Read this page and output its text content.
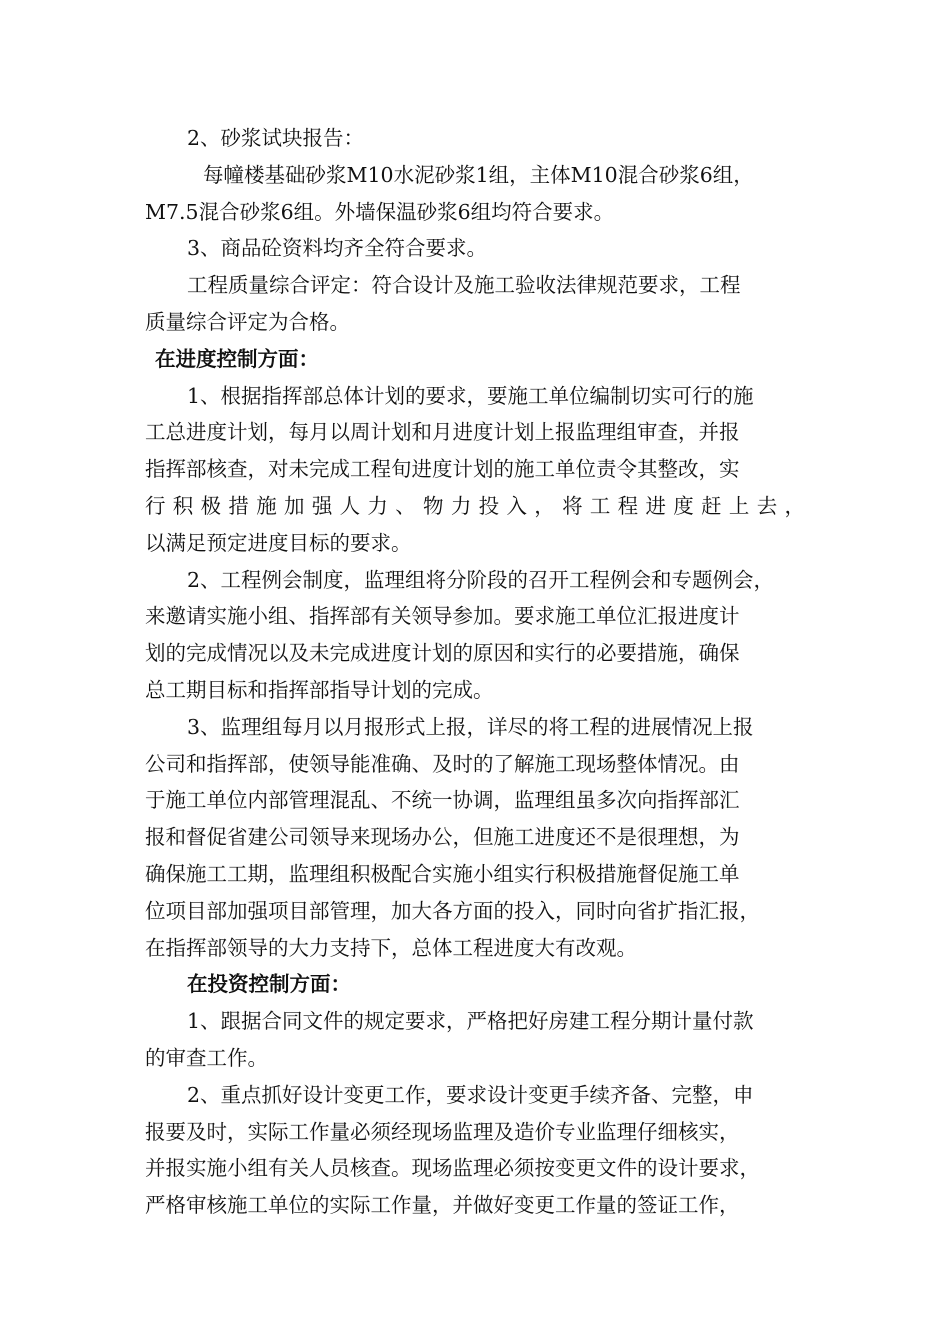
2、砂浆试块报告：
每幢楼基础砂浆M10水泥砂浆1组，主体M10混合砂浆6组，
M7.5混合砂浆6组。外墙保温砂浆6组均符合要求。
3、商品砼资料均齐全符合要求。
工程质量综合评定：符合设计及施工验收法律规范要求，工程
质量综合评定为合格。
在进度控制方面：
1、根据指挥部总体计划的要求，要施工单位编制切实可行的施
工总进度计划，每月以周计划和月进度计划上报监理组审查，并报
指挥部核查，对未完成工程旬进度计划的施工单位责令其整改，实
行积极措施加强人力、物力投入，将工程进度赶上去，
以满足预定进度目标的要求。
2、工程例会制度，监理组将分阶段的召开工程例会和专题例会，
来邀请实施小组、指挥部有关领导参加。要求施工单位汇报进度计
划的完成情况以及未完成进度计划的原因和实行的必要措施，确保
总工期目标和指挥部指导计划的完成。
3、监理组每月以月报形式上报，详尽的将工程的进展情况上报
公司和指挥部，使领导能准确、及时的了解施工现场整体情况。由
于施工单位内部管理混乱、不统一协调，监理组虽多次向指挥部汇
报和督促省建公司领导来现场办公，但施工进度还不是很理想，为
确保施工工期，监理组积极配合实施小组实行积极措施督促施工单
位项目部加强项目部管理，加大各方面的投入，同时向省扩指汇报，
在指挥部领导的大力支持下，总体工程进度大有改观。
在投资控制方面：
1、跟据合同文件的规定要求，严格把好房建工程分期计量付款
的审查工作。
2、重点抓好设计变更工作，要求设计变更手续齐备、完整，申
报要及时，实际工作量必须经现场监理及造价专业监理仔细核实，
并报实施小组有关人员核查。现场监理必须按变更文件的设计要求，
严格审核施工单位的实际工作量，并做好变更工作量的签证工作，
